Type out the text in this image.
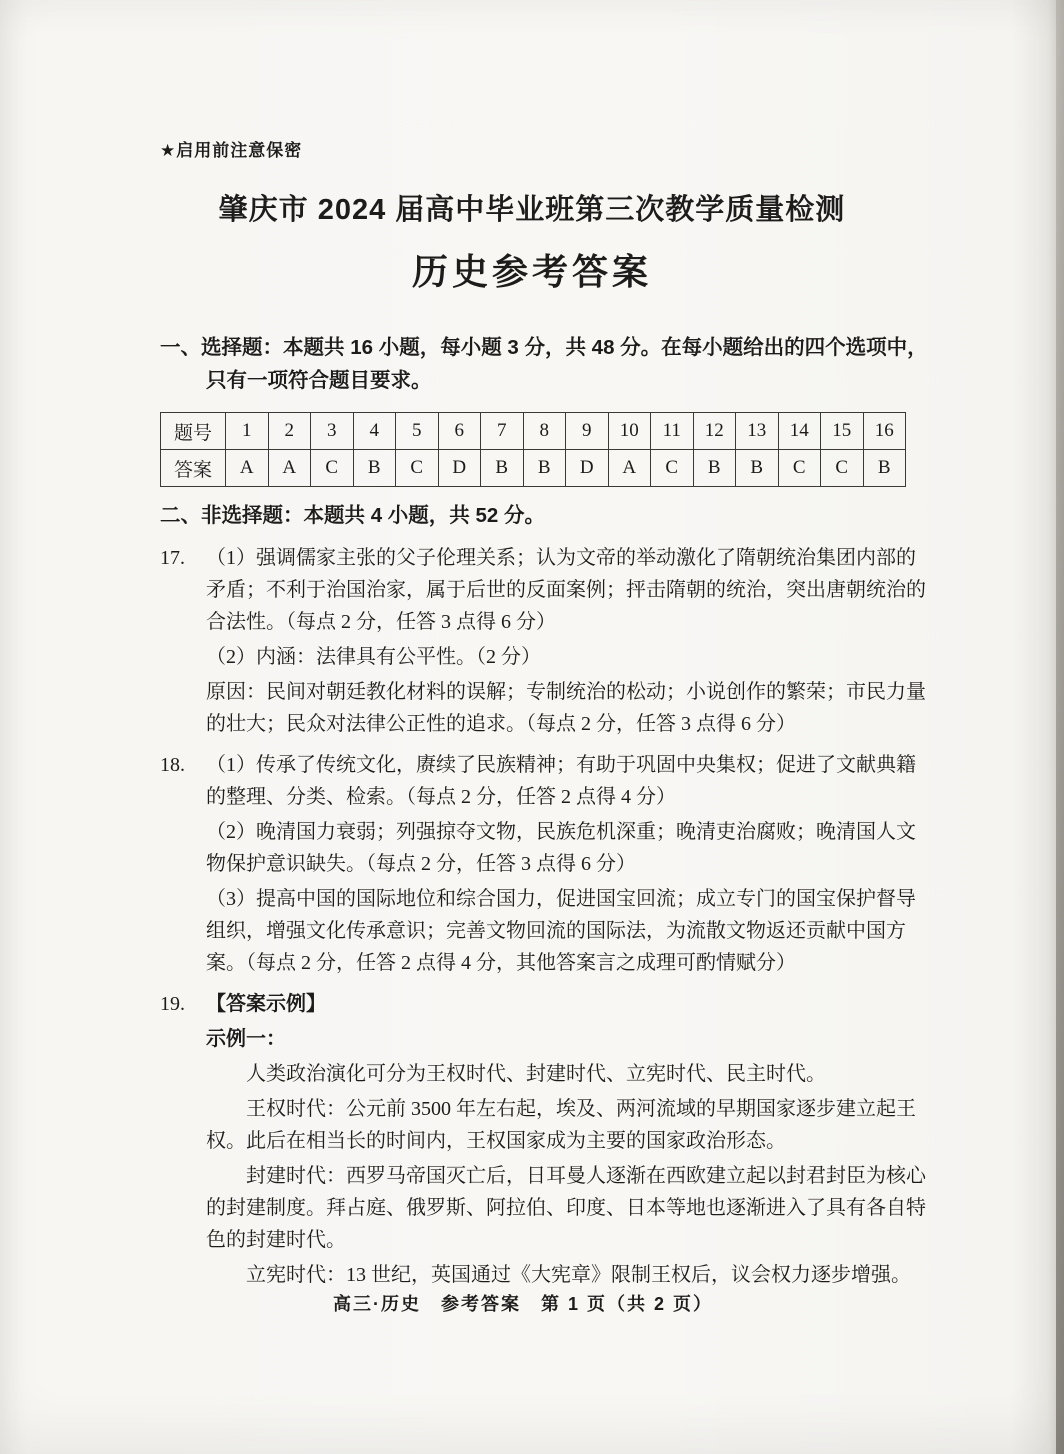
★启用前注意保密
肇庆市 2024 届高中毕业班第三次教学质量检测
历史参考答案
一、选择题：本题共 16 小题，每小题 3 分，共 48 分。在每小题给出的四个选项中，只有一项符合题目要求。
题号	1	2	3	4	5	6	7	8	9	10	11	12	13	14	15	16
答案	A	A	C	B	C	D	B	B	D	A	C	B	B	C	C	B
二、非选择题：本题共 4 小题，共 52 分。
17. （1）强调儒家主张的父子伦理关系；认为文帝的举动激化了隋朝统治集团内部的矛盾；不利于治国治家，属于后世的反面案例；抨击隋朝的统治，突出唐朝统治的合法性。（每点 2 分，任答 3 点得 6 分）

（2）内涵：法律具有公平性。（2 分）

原因：民间对朝廷教化材料的误解；专制统治的松动；小说创作的繁荣；市民力量的壮大；民众对法律公正性的追求。（每点 2 分，任答 3 点得 6 分）

18. （1）传承了传统文化，赓续了民族精神；有助于巩固中央集权；促进了文献典籍的整理、分类、检索。（每点 2 分，任答 2 点得 4 分）

（2）晚清国力衰弱；列强掠夺文物，民族危机深重；晚清吏治腐败；晚清国人文物保护意识缺失。（每点 2 分，任答 3 点得 6 分）

（3）提高中国的国际地位和综合国力，促进国宝回流；成立专门的国宝保护督导组织，增强文化传承意识；完善文物回流的国际法，为流散文物返还贡献中国方案。（每点 2 分，任答 2 点得 4 分，其他答案言之成理可酌情赋分）

19. 【答案示例】

示例一：

人类政治演化可分为王权时代、封建时代、立宪时代、民主时代。

王权时代：公元前 3500 年左右起，埃及、两河流域的早期国家逐步建立起王权。此后在相当长的时间内，王权国家成为主要的国家政治形态。

封建时代：西罗马帝国灭亡后，日耳曼人逐渐在西欧建立起以封君封臣为核心的封建制度。拜占庭、俄罗斯、阿拉伯、印度、日本等地也逐渐进入了具有各自特色的封建时代。

立宪时代：13 世纪，英国通过《大宪章》限制王权后，议会权力逐步增强。

高三·历史　参考答案　第 1 页（共 2 页）
